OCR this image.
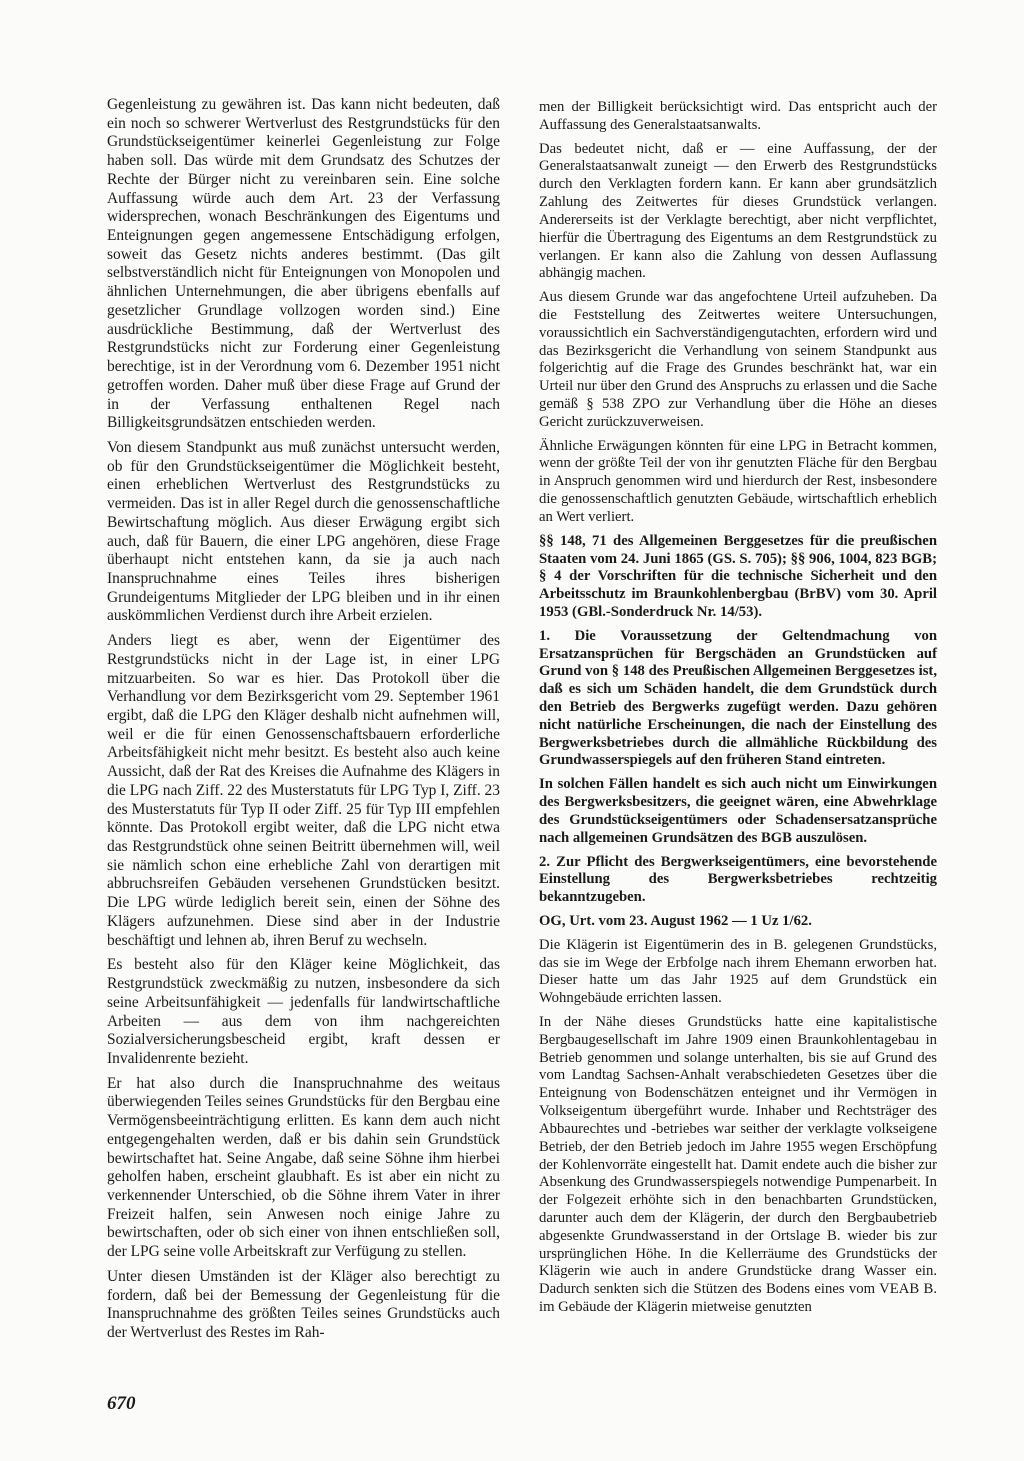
Gegenleistung zu gewähren ist. Das kann nicht bedeuten, daß ein noch so schwerer Wertverlust des Restgrundstücks für den Grundstückseigentümer keinerlei Gegenleistung zur Folge haben soll. Das würde mit dem Grundsatz des Schutzes der Rechte der Bürger nicht zu vereinbaren sein. Eine solche Auffassung würde auch dem Art. 23 der Verfassung widersprechen, wonach Beschränkungen des Eigentums und Enteignungen gegen angemessene Entschädigung erfolgen, soweit das Gesetz nichts anderes bestimmt. (Das gilt selbstverständlich nicht für Enteignungen von Monopolen und ähnlichen Unternehmungen, die aber übrigens ebenfalls auf gesetzlicher Grundlage vollzogen worden sind.) Eine ausdrückliche Bestimmung, daß der Wertverlust des Restgrundstücks nicht zur Forderung einer Gegenleistung berechtige, ist in der Verordnung vom 6. Dezember 1951 nicht getroffen worden. Daher muß über diese Frage auf Grund der in der Verfassung enthaltenen Regel nach Billigkeitsgrundsätzen entschieden werden.

Von diesem Standpunkt aus muß zunächst untersucht werden, ob für den Grundstückseigentümer die Möglichkeit besteht, einen erheblichen Wertverlust des Restgrundstücks zu vermeiden. Das ist in aller Regel durch die genossenschaftliche Bewirtschaftung möglich. Aus dieser Erwägung ergibt sich auch, daß für Bauern, die einer LPG angehören, diese Frage überhaupt nicht entstehen kann, da sie ja auch nach Inanspruchnahme eines Teiles ihres bisherigen Grundeigentums Mitglieder der LPG bleiben und in ihr einen auskömmlichen Verdienst durch ihre Arbeit erzielen.

Anders liegt es aber, wenn der Eigentümer des Restgrundstücks nicht in der Lage ist, in einer LPG mitzuarbeiten. So war es hier. Das Protokoll über die Verhandlung vor dem Bezirksgericht vom 29. September 1961 ergibt, daß die LPG den Kläger deshalb nicht aufnehmen will, weil er die für einen Genossenschaftsbauern erforderliche Arbeitsfähigkeit nicht mehr besitzt. Es besteht also auch keine Aussicht, daß der Rat des Kreises die Aufnahme des Klägers in die LPG nach Ziff. 22 des Musterstatuts für LPG Typ I, Ziff. 23 des Musterstatuts für Typ II oder Ziff. 25 für Typ III empfehlen könnte. Das Protokoll ergibt weiter, daß die LPG nicht etwa das Restgrundstück ohne seinen Beitritt übernehmen will, weil sie nämlich schon eine erhebliche Zahl von derartigen mit abbruchsreifen Gebäuden versehenen Grundstücken besitzt. Die LPG würde lediglich bereit sein, einen der Söhne des Klägers aufzunehmen. Diese sind aber in der Industrie beschäftigt und lehnen ab, ihren Beruf zu wechseln.

Es besteht also für den Kläger keine Möglichkeit, das Restgrundstück zweckmäßig zu nutzen, insbesondere da sich seine Arbeitsunfähigkeit — jedenfalls für landwirtschaftliche Arbeiten — aus dem von ihm nachgereichten Sozialversicherungsbescheid ergibt, kraft dessen er Invalidenrente bezieht.

Er hat also durch die Inanspruchnahme des weitaus überwiegenden Teiles seines Grundstücks für den Bergbau eine Vermögensbeeinträchtigung erlitten. Es kann dem auch nicht entgegengehalten werden, daß er bis dahin sein Grundstück bewirtschaftet hat. Seine Angabe, daß seine Söhne ihm hierbei geholfen haben, erscheint glaubhaft. Es ist aber ein nicht zu verkennender Unterschied, ob die Söhne ihrem Vater in ihrer Freizeit halfen, sein Anwesen noch einige Jahre zu bewirtschaften, oder ob sich einer von ihnen entschließen soll, der LPG seine volle Arbeitskraft zur Verfügung zu stellen.

Unter diesen Umständen ist der Kläger also berechtigt zu fordern, daß bei der Bemessung der Gegenleistung für die Inanspruchnahme des größten Teiles seines Grundstücks auch der Wertverlust des Restes im Rah-

men der Billigkeit berücksichtigt wird. Das entspricht auch der Auffassung des Generalstaatsanwalts.

Das bedeutet nicht, daß er — eine Auffassung, der der Generalstaatsanwalt zuneigt — den Erwerb des Restgrundstücks durch den Verklagten fordern kann. Er kann aber grundsätzlich Zahlung des Zeitwertes für dieses Grundstück verlangen. Andererseits ist der Verklagte berechtigt, aber nicht verpflichtet, hierfür die Übertragung des Eigentums an dem Restgrundstück zu verlangen. Er kann also die Zahlung von dessen Auflassung abhängig machen.

Aus diesem Grunde war das angefochtene Urteil aufzuheben. Da die Feststellung des Zeitwertes weitere Untersuchungen, voraussichtlich ein Sachverständigengutachten, erfordern wird und das Bezirksgericht die Verhandlung von seinem Standpunkt aus folgerichtig auf die Frage des Grundes beschränkt hat, war ein Urteil nur über den Grund des Anspruchs zu erlassen und die Sache gemäß § 538 ZPO zur Verhandlung über die Höhe an dieses Gericht zurückzuverweisen.

Ähnliche Erwägungen könnten für eine LPG in Betracht kommen, wenn der größte Teil der von ihr genutzten Fläche für den Bergbau in Anspruch genommen wird und hierdurch der Rest, insbesondere die genossenschaftlich genutzten Gebäude, wirtschaftlich erheblich an Wert verliert.

§§ 148, 71 des Allgemeinen Berggesetzes für die preußischen Staaten vom 24. Juni 1865 (GS. S. 705); §§ 906, 1004, 823 BGB; § 4 der Vorschriften für die technische Sicherheit und den Arbeitsschutz im Braunkohlenbergbau (BrBV) vom 30. April 1953 (GBl.-Sonderdruck Nr. 14/53).

1. Die Voraussetzung der Geltendmachung von Ersatzansprüchen für Bergschäden an Grundstücken auf Grund von § 148 des Preußischen Allgemeinen Berggesetzes ist, daß es sich um Schäden handelt, die dem Grundstück durch den Betrieb des Bergwerks zugefügt werden. Dazu gehören nicht natürliche Erscheinungen, die nach der Einstellung des Bergwerksbetriebes durch die allmähliche Rückbildung des Grundwasserspiegels auf den früheren Stand eintreten.

In solchen Fällen handelt es sich auch nicht um Einwirkungen des Bergwerksbesitzers, die geeignet wären, eine Abwehrklage des Grundstückseigentümers oder Schadensersatzansprüche nach allgemeinen Grundsätzen des BGB auszulösen.

2. Zur Pflicht des Bergwerkseigentümers, eine bevorstehende Einstellung des Bergwerksbetriebes rechtzeitig bekanntzugeben.

OG, Urt. vom 23. August 1962 — 1 Uz 1/62.

Die Klägerin ist Eigentümerin des in B. gelegenen Grundstücks, das sie im Wege der Erbfolge nach ihrem Ehemann erworben hat. Dieser hatte um das Jahr 1925 auf dem Grundstück ein Wohngebäude errichten lassen.

In der Nähe dieses Grundstücks hatte eine kapitalistische Bergbaugesellschaft im Jahre 1909 einen Braunkohlentagebau in Betrieb genommen und solange unterhalten, bis sie auf Grund des vom Landtag Sachsen-Anhalt verabschiedeten Gesetzes über die Enteignung von Bodenschätzen enteignet und ihr Vermögen in Volkseigentum übergeführt wurde. Inhaber und Rechtsträger des Abbaurechtes und -betriebes war seither der verklagte volkseigene Betrieb, der den Betrieb jedoch im Jahre 1955 wegen Erschöpfung der Kohlenvorräte eingestellt hat. Damit endete auch die bisher zur Absenkung des Grundwasserspiegels notwendige Pumpenarbeit. In der Folgezeit erhöhte sich in den benachbarten Grundstücken, darunter auch dem der Klägerin, der durch den Bergbaubetrieb abgesenkte Grundwasserstand in der Ortslage B. wieder bis zur ursprünglichen Höhe. In die Kellerräume des Grundstücks der Klägerin wie auch in andere Grundstücke drang Wasser ein. Dadurch senkten sich die Stützen des Bodens eines vom VEAB B. im Gebäude der Klägerin mietweise genutzten

670
